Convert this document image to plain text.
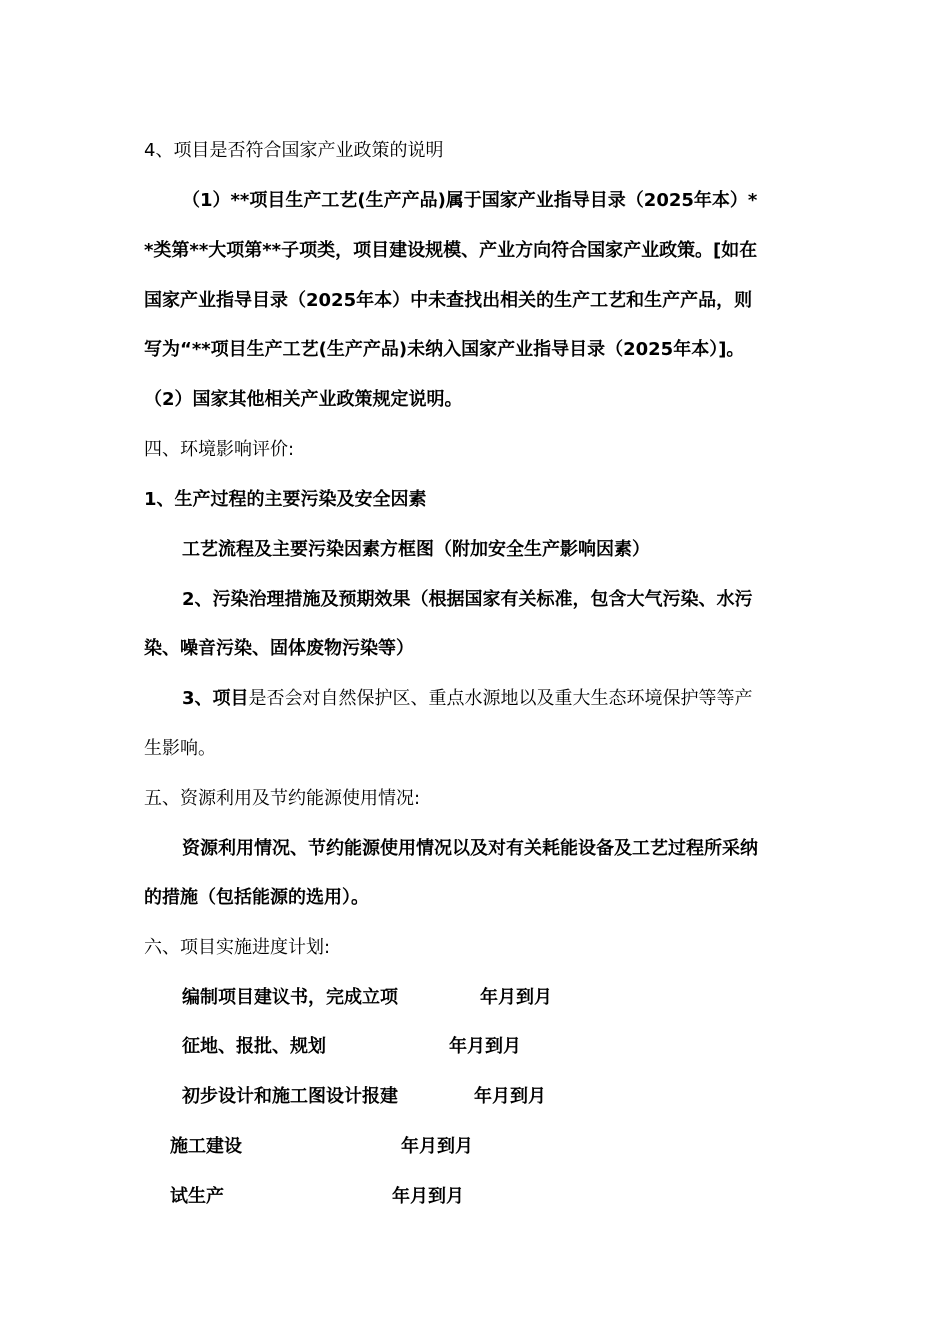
4、项目是否符合国家产业政策的说明
（1）**项目生产工艺(生产产品)属于国家产业指导目录（2025年本）*
*类第**大项第**子项类，项目建设规模、产业方向符合国家产业政策。[如在
国家产业指导目录（2025年本）中未查找出相关的生产工艺和生产产品，则
写为“**项目生产工艺(生产产品)未纳入国家产业指导目录（2025年本）]。
（2）国家其他相关产业政策规定说明。
四、环境影响评价:
1、生产过程的主要污染及安全因素
工艺流程及主要污染因素方框图（附加安全生产影响因素）
2、污染治理措施及预期效果（根据国家有关标准，包含大气污染、水污
染、噪音污染、固体废物污染等）
3、项目是否会对自然保护区、重点水源地以及重大生态环境保护等等产
生影响。
五、资源利用及节约能源使用情况:
资源利用情况、节约能源使用情况以及对有关耗能设备及工艺过程所采纳
的措施（包括能源的选用）。
六、项目实施进度计划:
编制项目建议书，完成立项	年月到月
征地、报批、规划	年月到月
初步设计和施工图设计报建	年月到月
施工建设	年月到月
试生产	年月到月
